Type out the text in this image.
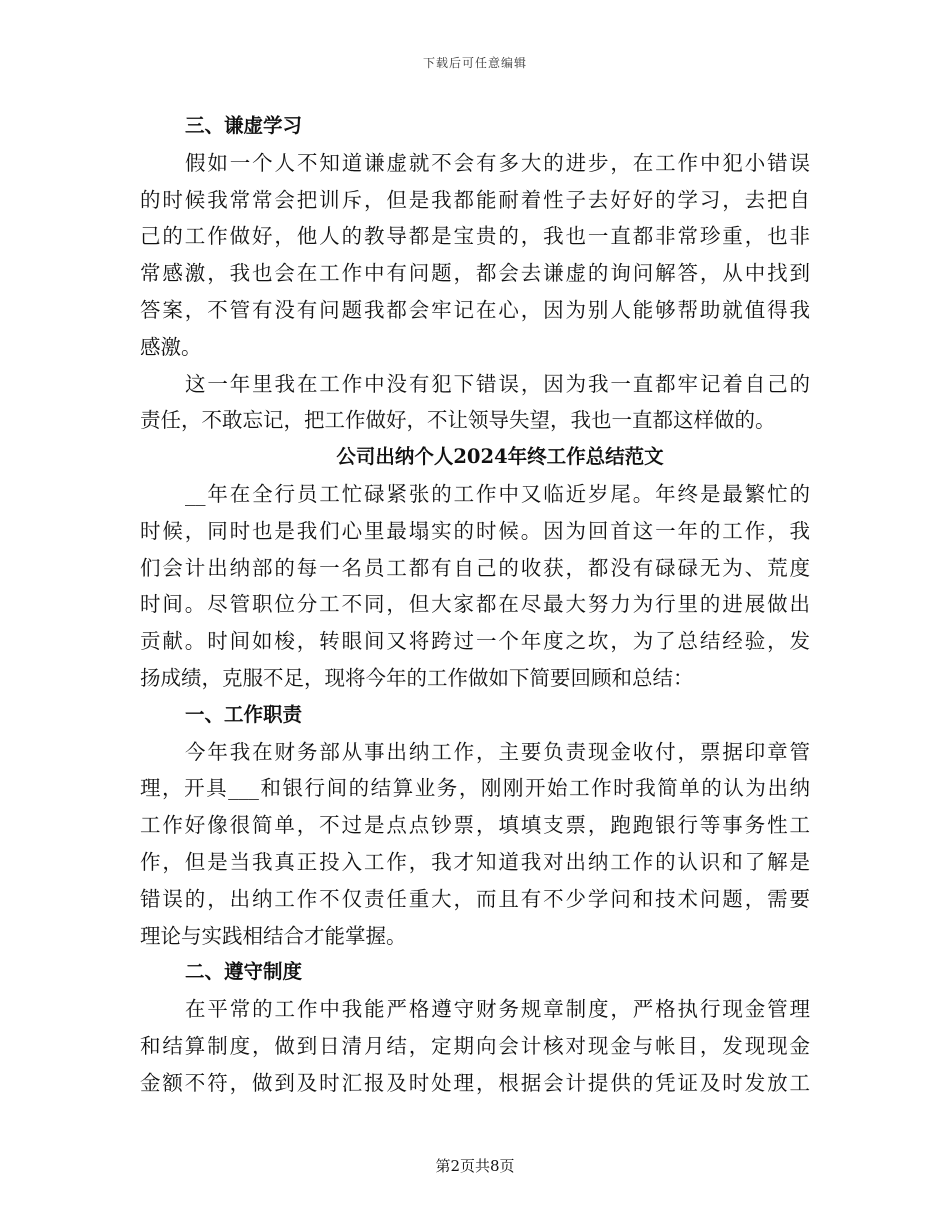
下载后可任意编辑
三、谦虚学习
假如一个人不知道谦虚就不会有多大的进步，在工作中犯小错误
的时候我常常会把训斥，但是我都能耐着性子去好好的学习，去把自
己的工作做好，他人的教导都是宝贵的，我也一直都非常珍重，也非
常感激，我也会在工作中有问题，都会去谦虚的询问解答，从中找到
答案，不管有没有问题我都会牢记在心，因为别人能够帮助就值得我
感激。
这一年里我在工作中没有犯下错误，因为我一直都牢记着自己的
责任，不敢忘记，把工作做好，不让领导失望，我也一直都这样做的。
公司出纳个人2024年终工作总结范文
__年在全行员工忙碌紧张的工作中又临近岁尾。年终是最繁忙的
时候，同时也是我们心里最塌实的时候。因为回首这一年的工作，我
们会计出纳部的每一名员工都有自己的收获，都没有碌碌无为、荒度
时间。尽管职位分工不同，但大家都在尽最大努力为行里的进展做出
贡献。时间如梭，转眼间又将跨过一个年度之坎，为了总结经验，发
扬成绩，克服不足，现将今年的工作做如下简要回顾和总结：
一、工作职责
今年我在财务部从事出纳工作，主要负责现金收付，票据印章管
理，开具___和银行间的结算业务，刚刚开始工作时我简单的认为出纳
工作好像很简单，不过是点点钞票，填填支票，跑跑银行等事务性工
作，但是当我真正投入工作，我才知道我对出纳工作的认识和了解是
错误的，出纳工作不仅责任重大，而且有不少学问和技术问题，需要
理论与实践相结合才能掌握。
二、遵守制度
在平常的工作中我能严格遵守财务规章制度，严格执行现金管理
和结算制度，做到日清月结，定期向会计核对现金与帐目，发现现金
金额不符，做到及时汇报及时处理，根据会计提供的凭证及时发放工
第2页共8页
